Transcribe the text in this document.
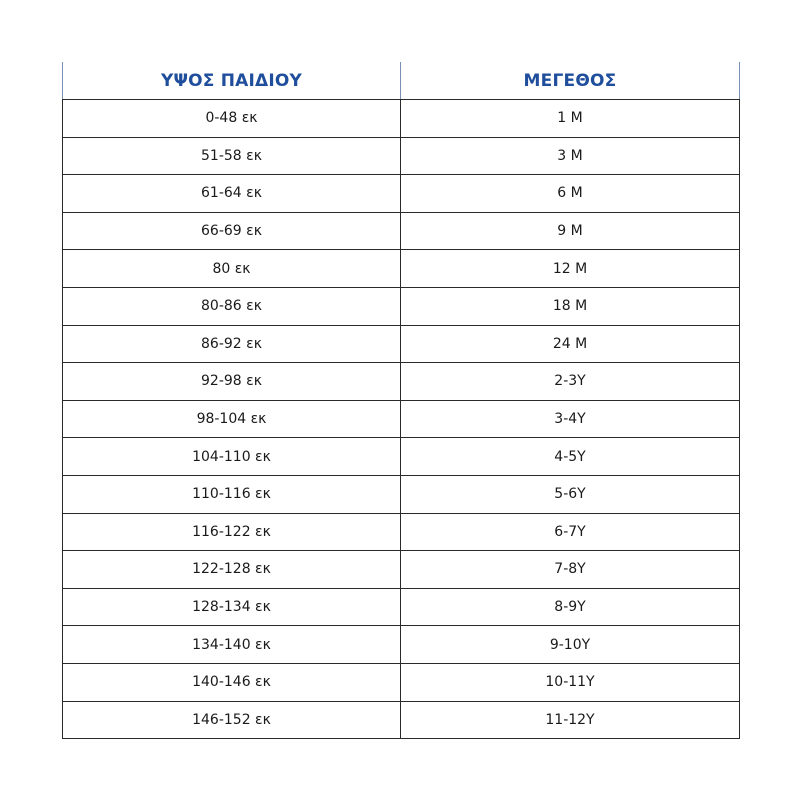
ΥΨΟΣ ΠΑΙΔΙΟΥ	ΜΕΓΕΘΟΣ
0-48 εκ	1 M
51-58 εκ	3 M
61-64 εκ	6 M
66-69 εκ	9 M
80 εκ	12 M
80-86 εκ	18 M
86-92 εκ	24 M
92-98 εκ	2-3Y
98-104 εκ	3-4Y
104-110 εκ	4-5Y
110-116 εκ	5-6Y
116-122 εκ	6-7Y
122-128 εκ	7-8Y
128-134 εκ	8-9Y
134-140 εκ	9-10Y
140-146 εκ	10-11Y
146-152 εκ	11-12Y
